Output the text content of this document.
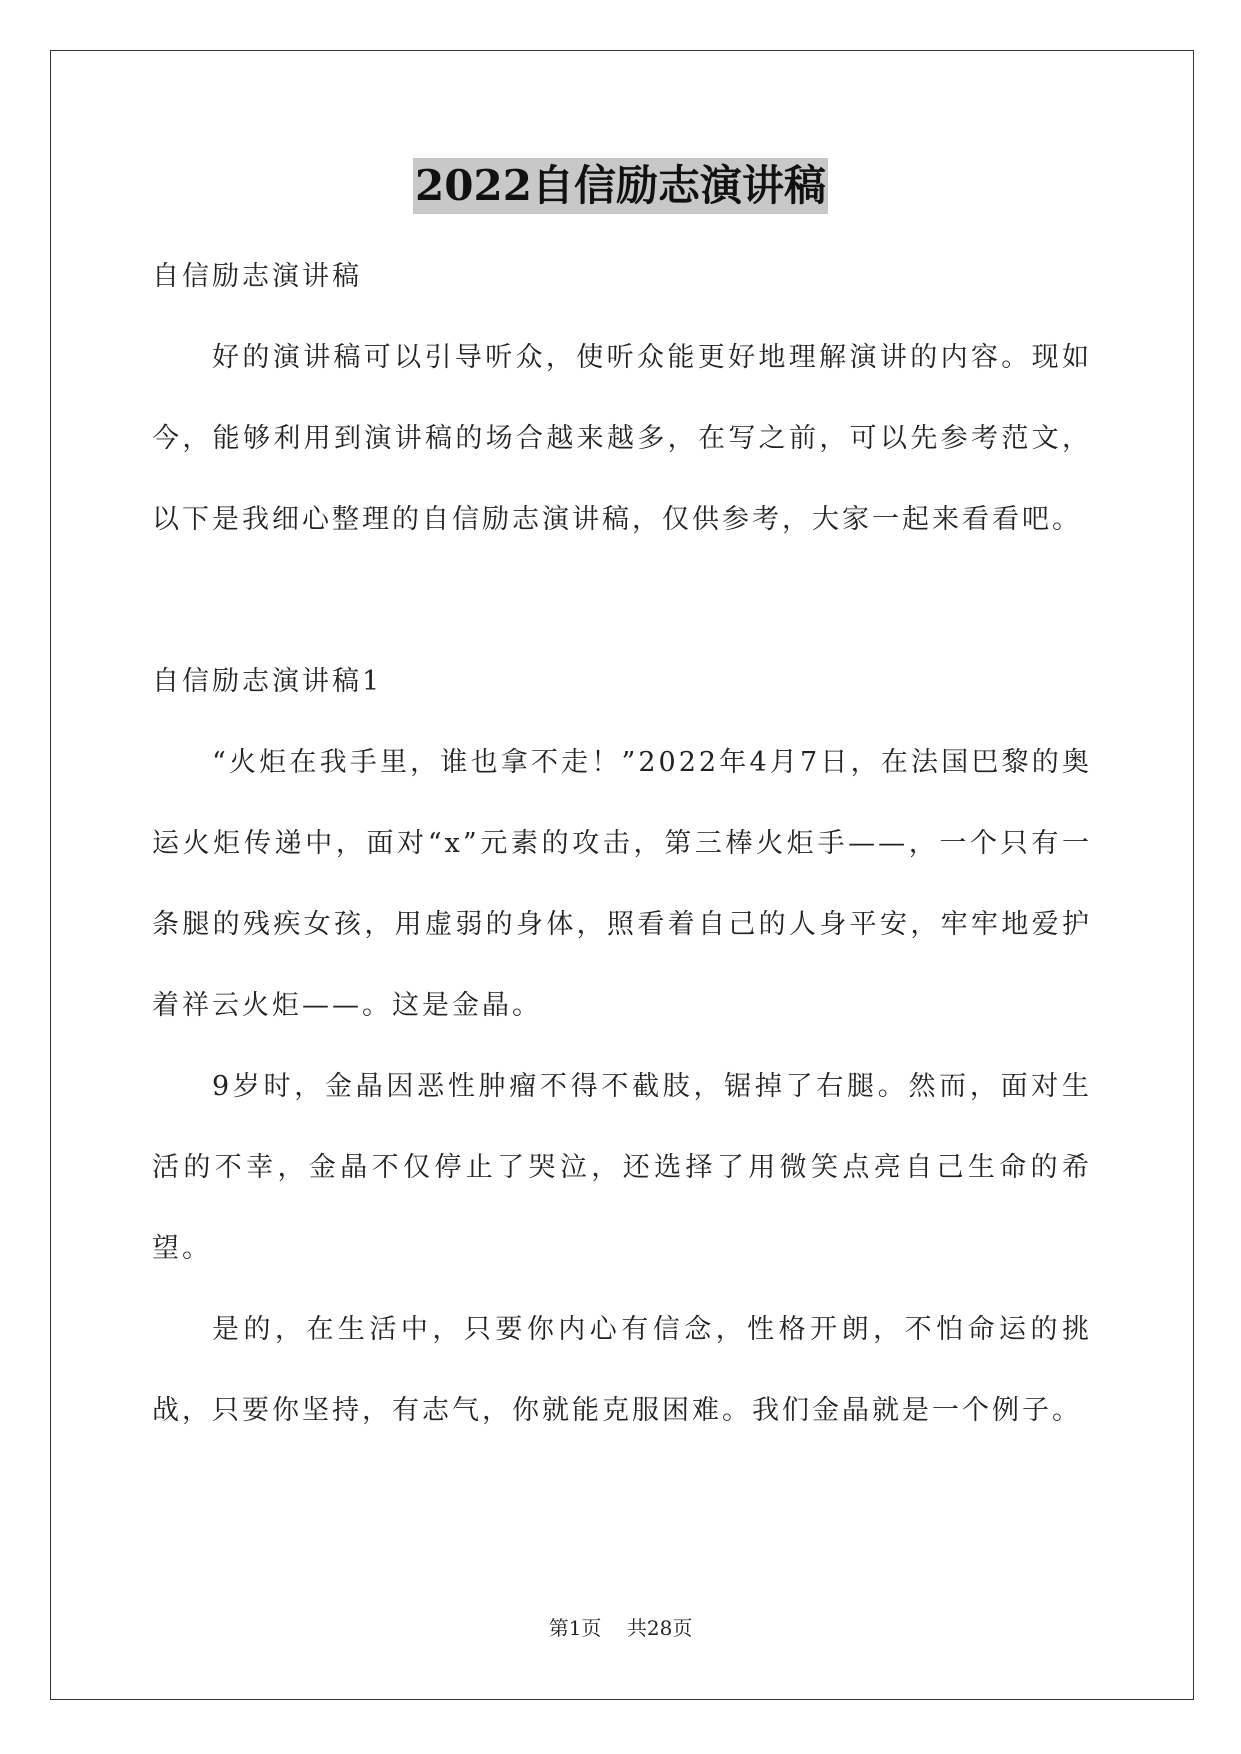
2022自信励志演讲稿

自信励志演讲稿

好的演讲稿可以引导听众，使听众能更好地理解演讲的内容。现如今，能够利用到演讲稿的场合越来越多，在写之前，可以先参考范文，以下是我细心整理的自信励志演讲稿，仅供参考，大家一起来看看吧。

自信励志演讲稿1

“火炬在我手里，谁也拿不走！”2022年4月7日，在法国巴黎的奥运火炬传递中，面对“x”元素的攻击，第三棒火炬手——，一个只有一条腿的残疾女孩，用虚弱的身体，照看着自己的人身平安，牢牢地爱护着祥云火炬——。这是金晶。

9岁时，金晶因恶性肿瘤不得不截肢，锯掉了右腿。然而，面对生活的不幸，金晶不仅停止了哭泣，还选择了用微笑点亮自己生命的希望。

是的，在生活中，只要你内心有信念，性格开朗，不怕命运的挑战，只要你坚持，有志气，你就能克服困难。我们金晶就是一个例子。

第1页 共28页
